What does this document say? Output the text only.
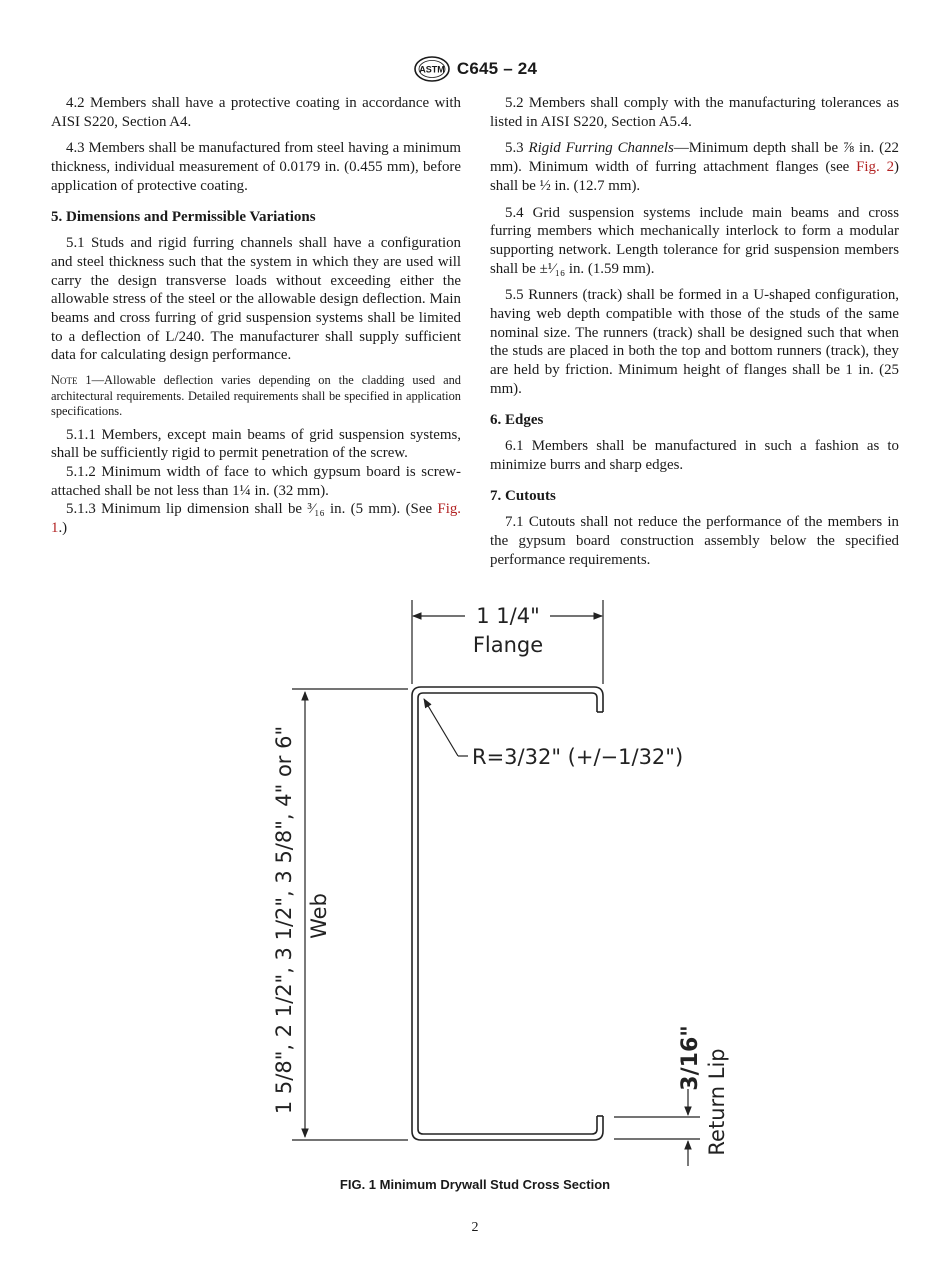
ASTM C645 – 24

4.2 Members shall have a protective coating in accordance with AISI S220, Section A4.

4.3 Members shall be manufactured from steel having a minimum thickness, individual measurement of 0.0179 in. (0.455 mm), before application of protective coating.

5. Dimensions and Permissible Variations

5.1 Studs and rigid furring channels shall have a configuration and steel thickness such that the system in which they are used will carry the design transverse loads without exceeding either the allowable stress of the steel or the allowable design deflection. Main beams and cross furring of grid suspension systems shall be limited to a deflection of L/240. The manufacturer shall supply sufficient data for calculating design performance.

Note 1—Allowable deflection varies depending on the cladding used and architectural requirements. Detailed requirements shall be specified in application specifications.

5.1.1 Members, except main beams of grid suspension systems, shall be sufficiently rigid to permit penetration of the screw.

5.1.2 Minimum width of face to which gypsum board is screw-attached shall be not less than 1¼ in. (32 mm).

5.1.3 Minimum lip dimension shall be ³⁄₁₆ in. (5 mm). (See Fig. 1.)

5.2 Members shall comply with the manufacturing tolerances as listed in AISI S220, Section A5.4.

5.3 Rigid Furring Channels—Minimum depth shall be ⅞ in. (22 mm). Minimum width of furring attachment flanges (see Fig. 2) shall be ½ in. (12.7 mm).

5.4 Grid suspension systems include main beams and cross furring members which mechanically interlock to form a modular supporting network. Length tolerance for grid suspension members shall be ±¹⁄₁₆ in. (1.59 mm).

5.5 Runners (track) shall be formed in a U-shaped configuration, having web depth compatible with those of the studs of the same nominal size. The runners (track) shall be designed such that when the studs are placed in both the top and bottom runners (track), they are held by friction. Minimum height of flanges shall be 1 in. (25 mm).

6. Edges

6.1 Members shall be manufactured in such a fashion as to minimize burrs and sharp edges.

7. Cutouts

7.1 Cutouts shall not reduce the performance of the members in the gypsum board construction assembly below the specified performance requirements.

1 1/4"
Flange
R=3/32" (+/−1/32")
1 5/8", 2 1/2", 3 1/2", 3 5/8", 4" or 6" Web
3/16" Return Lip
FIG. 1 Minimum Drywall Stud Cross Section
2
